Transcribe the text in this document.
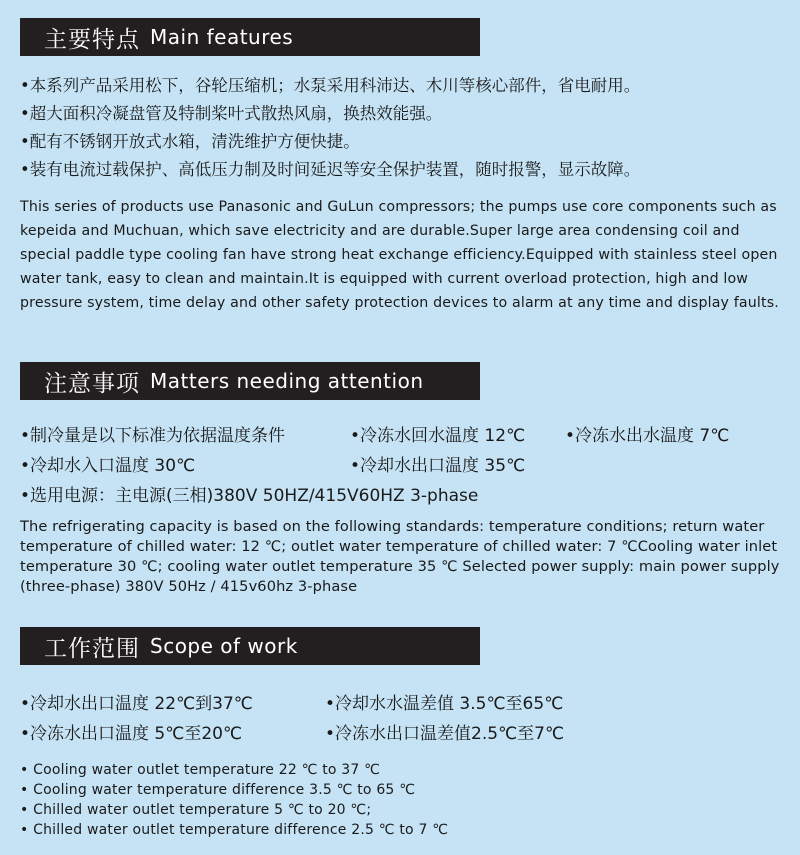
主要特点 Main features
•本系列产品采用松下，谷轮压缩机；水泵采用科沛达、木川等核心部件，省电耐用。
•超大面积冷凝盘管及特制桨叶式散热风扇，换热效能强。
•配有不锈钢开放式水箱，清洗维护方便快捷。
•装有电流过载保护、高低压力制及时间延迟等安全保护装置，随时报警，显示故障。

This series of products use Panasonic and GuLun compressors; the pumps use core components such as kepeida and Muchuan, which save electricity and are durable.Super large area condensing coil and special paddle type cooling fan have strong heat exchange efficiency.Equipped with stainless steel open water tank, easy to clean and maintain.It is equipped with current overload protection, high and low pressure system, time delay and other safety protection devices to alarm at any time and display faults.

注意事项 Matters needing attention
•制冷量是以下标准为依据温度条件	•冷冻水回水温度 12℃	•冷冻水出水温度 7℃
•冷却水入口温度 30℃	•冷却水出口温度 35℃
•选用电源：主电源(三相)380V 50HZ/415V60HZ 3-phase

The refrigerating capacity is based on the following standards: temperature conditions; return water temperature of chilled water: 12 ℃; outlet water temperature of chilled water: 7 ℃Cooling water inlet temperature 30 ℃; cooling water outlet temperature 35 ℃ Selected power supply: main power supply (three-phase) 380V 50Hz / 415v60hz 3-phase

工作范围 Scope of work
•冷却水出口温度 22℃到37℃	•冷却水水温差值 3.5℃至65℃
•冷冻水出口温度 5℃至20℃	•冷冻水出口温差值2.5℃至7℃
• Cooling water outlet temperature 22 ℃ to 37 ℃
• Cooling water temperature difference 3.5 ℃ to 65 ℃
• Chilled water outlet temperature 5 ℃ to 20 ℃;
• Chilled water outlet temperature difference 2.5 ℃ to 7 ℃
